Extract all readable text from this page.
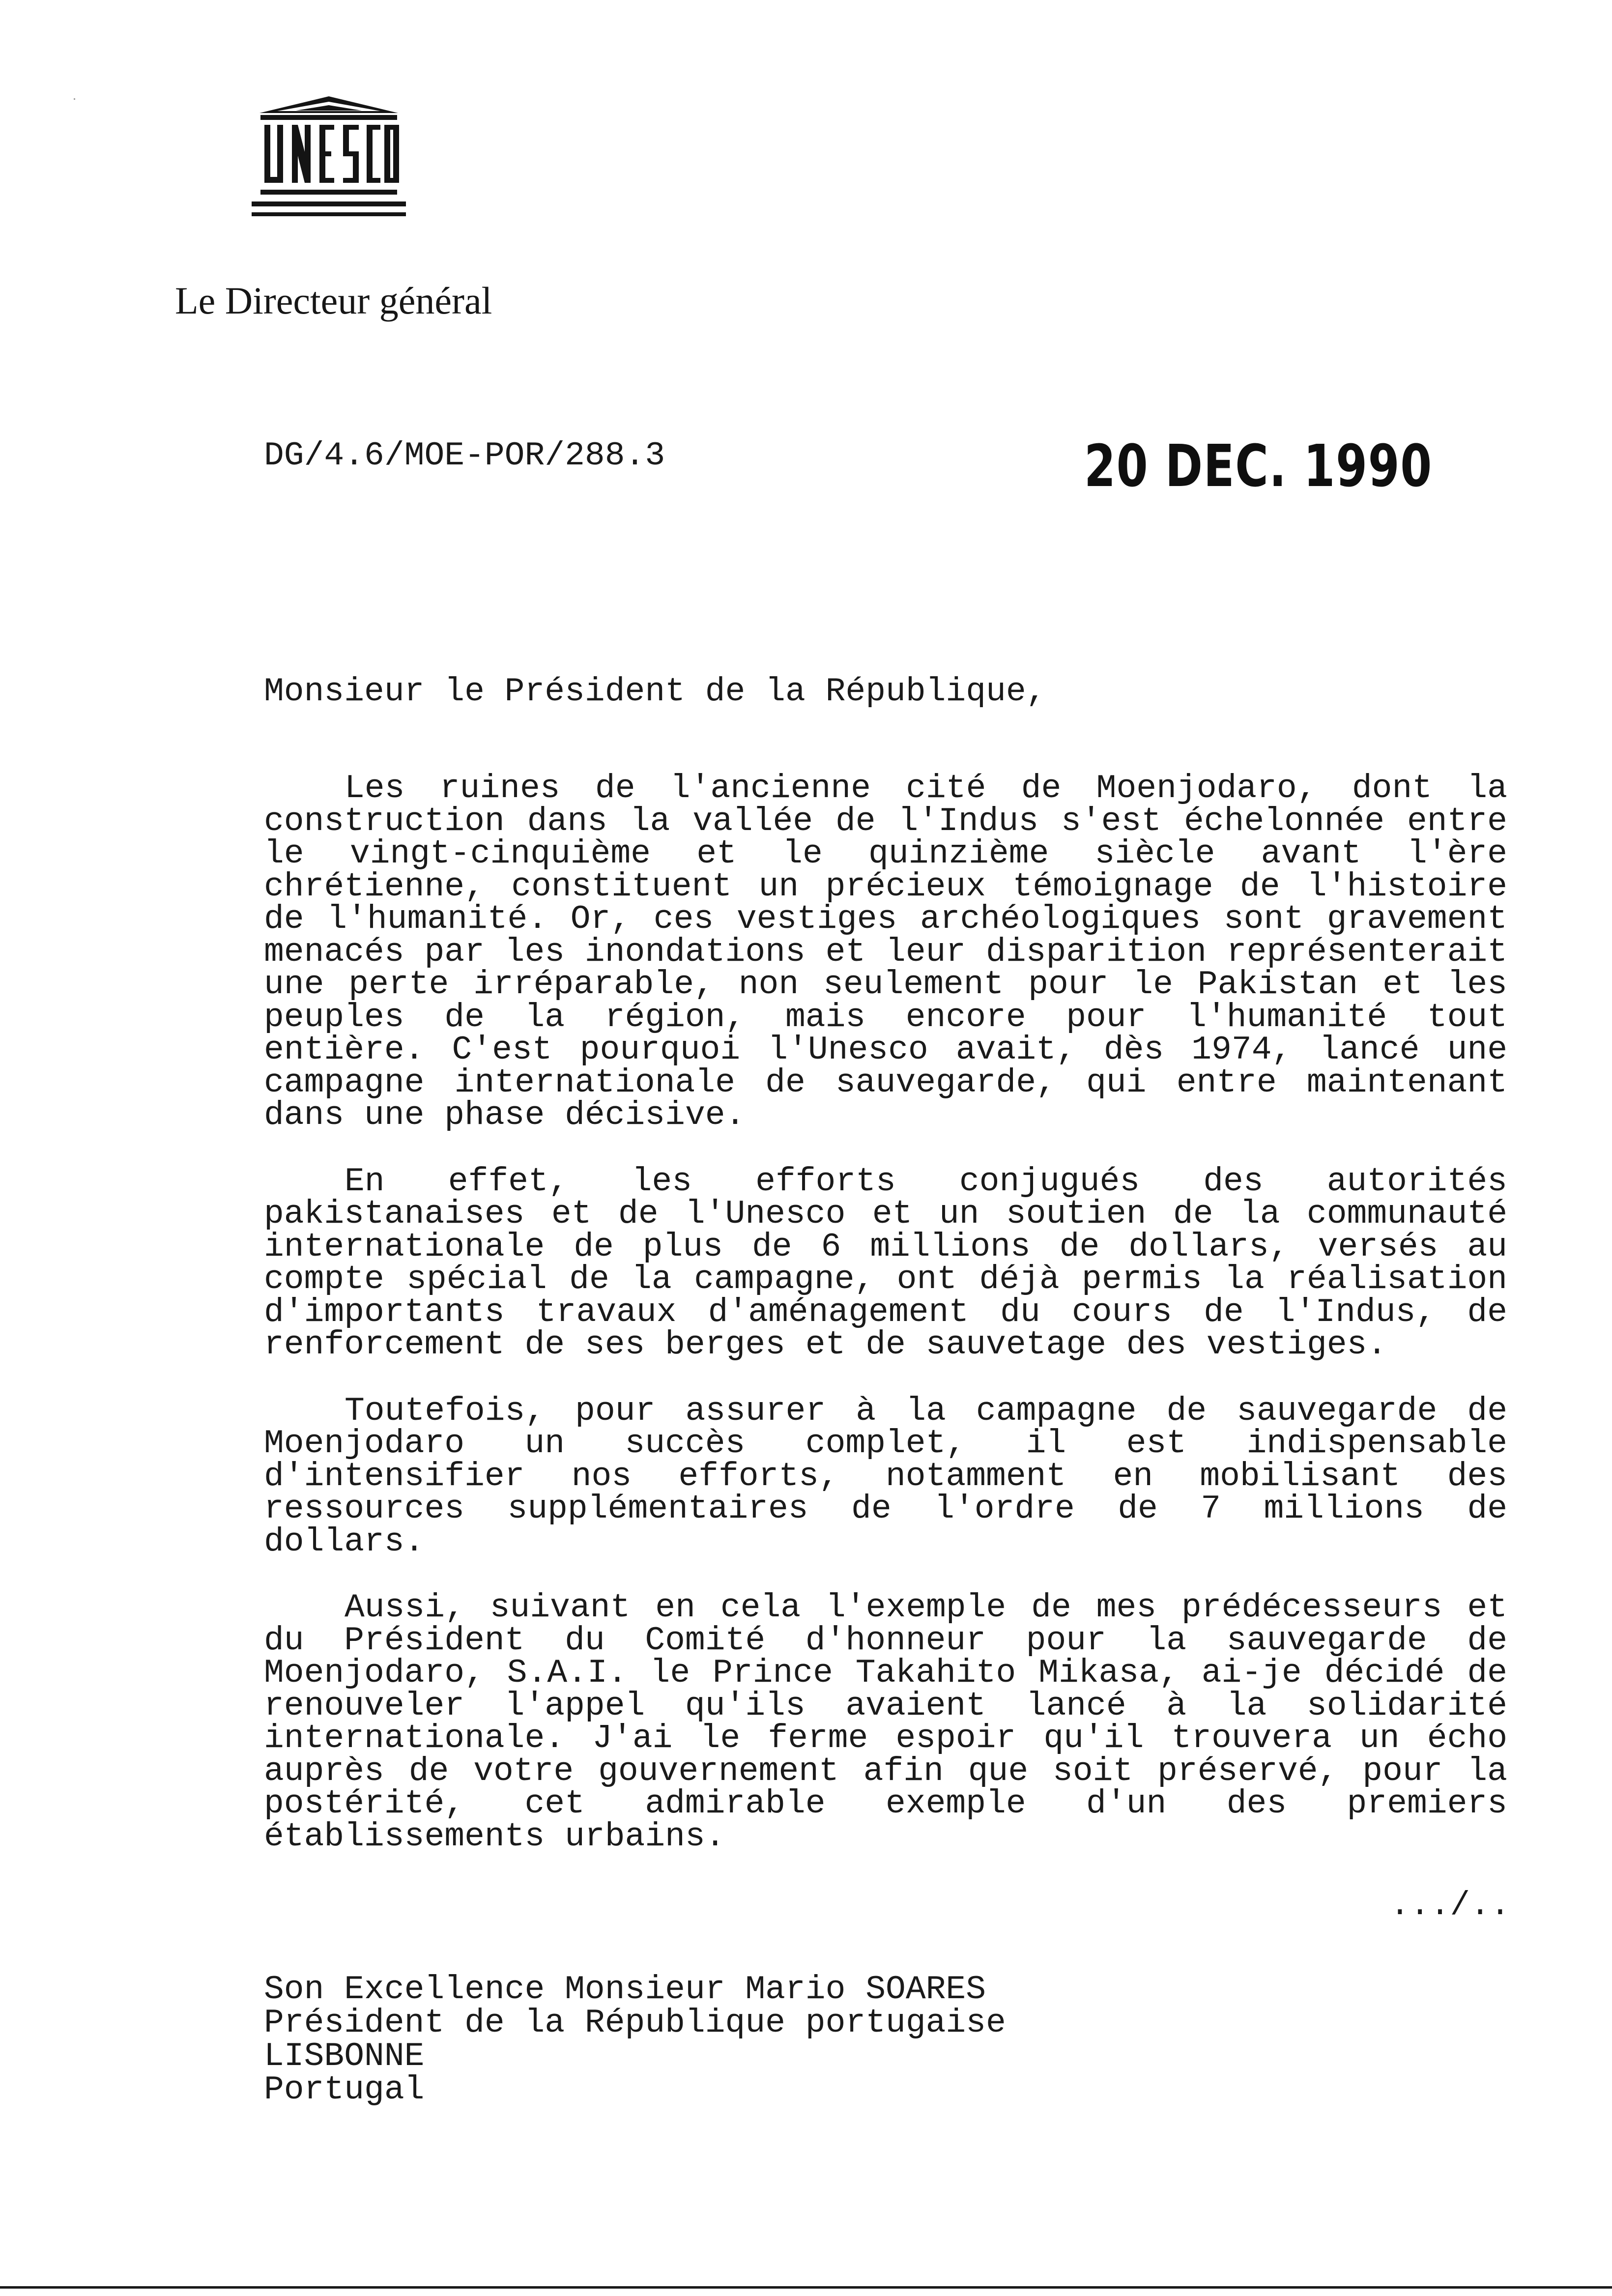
Le Directeur général
DG/4.6/MOE-POR/288.3	20 DEC. 1990
Monsieur le Président de la République,

Les ruines de l'ancienne cité de Moenjodaro, dont la construction dans la vallée de l'Indus s'est échelonnée entre le vingt-cinquième et le quinzième siècle avant l'ère chrétienne, constituent un précieux témoignage de l'histoire de l'humanité. Or, ces vestiges archéologiques sont gravement menacés par les inondations et leur disparition représenterait une perte irréparable, non seulement pour le Pakistan et les peuples de la région, mais encore pour l'humanité tout entière. C'est pourquoi l'Unesco avait, dès 1974, lancé une campagne internationale de sauvegarde, qui entre maintenant dans une phase décisive.

En effet, les efforts conjugués des autorités pakistanaises et de l'Unesco et un soutien de la communauté internationale de plus de 6 millions de dollars, versés au compte spécial de la campagne, ont déjà permis la réalisation d'importants travaux d'aménagement du cours de l'Indus, de renforcement de ses berges et de sauvetage des vestiges.

Toutefois, pour assurer à la campagne de sauvegarde de Moenjodaro un succès complet, il est indispensable d'intensifier nos efforts, notamment en mobilisant des ressources supplémentaires de l'ordre de 7 millions de dollars.

Aussi, suivant en cela l'exemple de mes prédécesseurs et du Président du Comité d'honneur pour la sauvegarde de Moenjodaro, S.A.I. le Prince Takahito Mikasa, ai-je décidé de renouveler l'appel qu'ils avaient lancé à la solidarité internationale. J'ai le ferme espoir qu'il trouvera un écho auprès de votre gouvernement afin que soit préservé, pour la postérité, cet admirable exemple d'un des premiers établissements urbains.

.../..
Son Excellence Monsieur Mario SOARES
Président de la République portugaise
LISBONNE
Portugal
